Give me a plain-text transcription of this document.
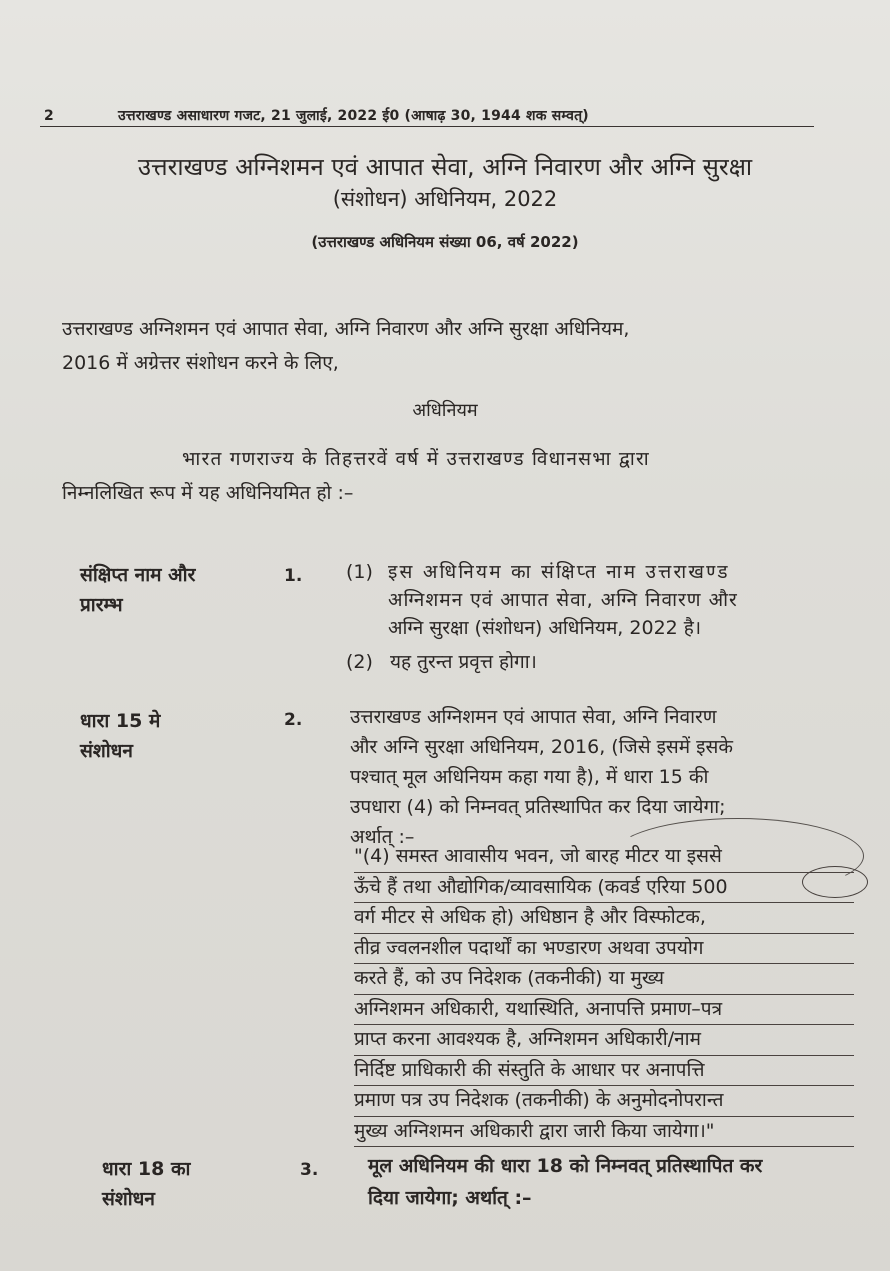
2	उत्तराखण्ड असाधारण गजट, 21 जुलाई, 2022 ई0 (आषाढ़ 30, 1944 शक सम्वत्)
उत्तराखण्ड अग्निशमन एवं आपात सेवा, अग्नि निवारण और अग्नि सुरक्षा
(संशोधन) अधिनियम, 2022
(उत्तराखण्ड अधिनियम संख्या 06, वर्ष 2022)
उत्तराखण्ड अग्निशमन एवं आपात सेवा, अग्नि निवारण और अग्नि सुरक्षा अधिनियम,
2016 में अग्रेत्तर संशोधन करने के लिए,
अधिनियम
भारत गणराज्य के तिहत्तरवें वर्ष में उत्तराखण्ड विधानसभा द्वारा
निम्नलिखित रूप में यह अधिनियमित हो :–
संक्षिप्त नाम और
प्रारम्भ
1. (1) इस अधिनियम का संक्षिप्त नाम उत्तराखण्ड
अग्निशमन एवं आपात सेवा, अग्नि निवारण और
अग्नि सुरक्षा (संशोधन) अधिनियम, 2022 है।
(2) यह तुरन्त प्रवृत्त होगा।
धारा 15 मे
संशोधन
2.	उत्तराखण्ड अग्निशमन एवं आपात सेवा, अग्नि निवारण
और अग्नि सुरक्षा अधिनियम, 2016, (जिसे इसमें इसके
पश्चात् मूल अधिनियम कहा गया है), में धारा 15 की
उपधारा (4) को निम्नवत् प्रतिस्थापित कर दिया जायेगा;
अर्थात् :–
"(4) समस्त आवासीय भवन, जो बारह मीटर या इससे
ऊँचे हैं तथा औद्योगिक/व्यावसायिक (कवर्ड एरिया 500
वर्ग मीटर से अधिक हो) अधिष्ठान है और विस्फोटक,
तीव्र ज्वलनशील पदार्थों का भण्डारण अथवा उपयोग
करते हैं, को उप निदेशक (तकनीकी) या मुख्य
अग्निशमन अधिकारी, यथास्थिति, अनापत्ति प्रमाण–पत्र
प्राप्त करना आवश्यक है, अग्निशमन अधिकारी/नाम
निर्दिष्ट प्राधिकारी की संस्तुति के आधार पर अनापत्ति
प्रमाण पत्र उप निदेशक (तकनीकी) के अनुमोदनोपरान्त
मुख्य अग्निशमन अधिकारी द्वारा जारी किया जायेगा।"
धारा 18 का
संशोधन
3.	मूल अधिनियम की धारा 18 को निम्नवत् प्रतिस्थापित कर
दिया जायेगा; अर्थात् :–
